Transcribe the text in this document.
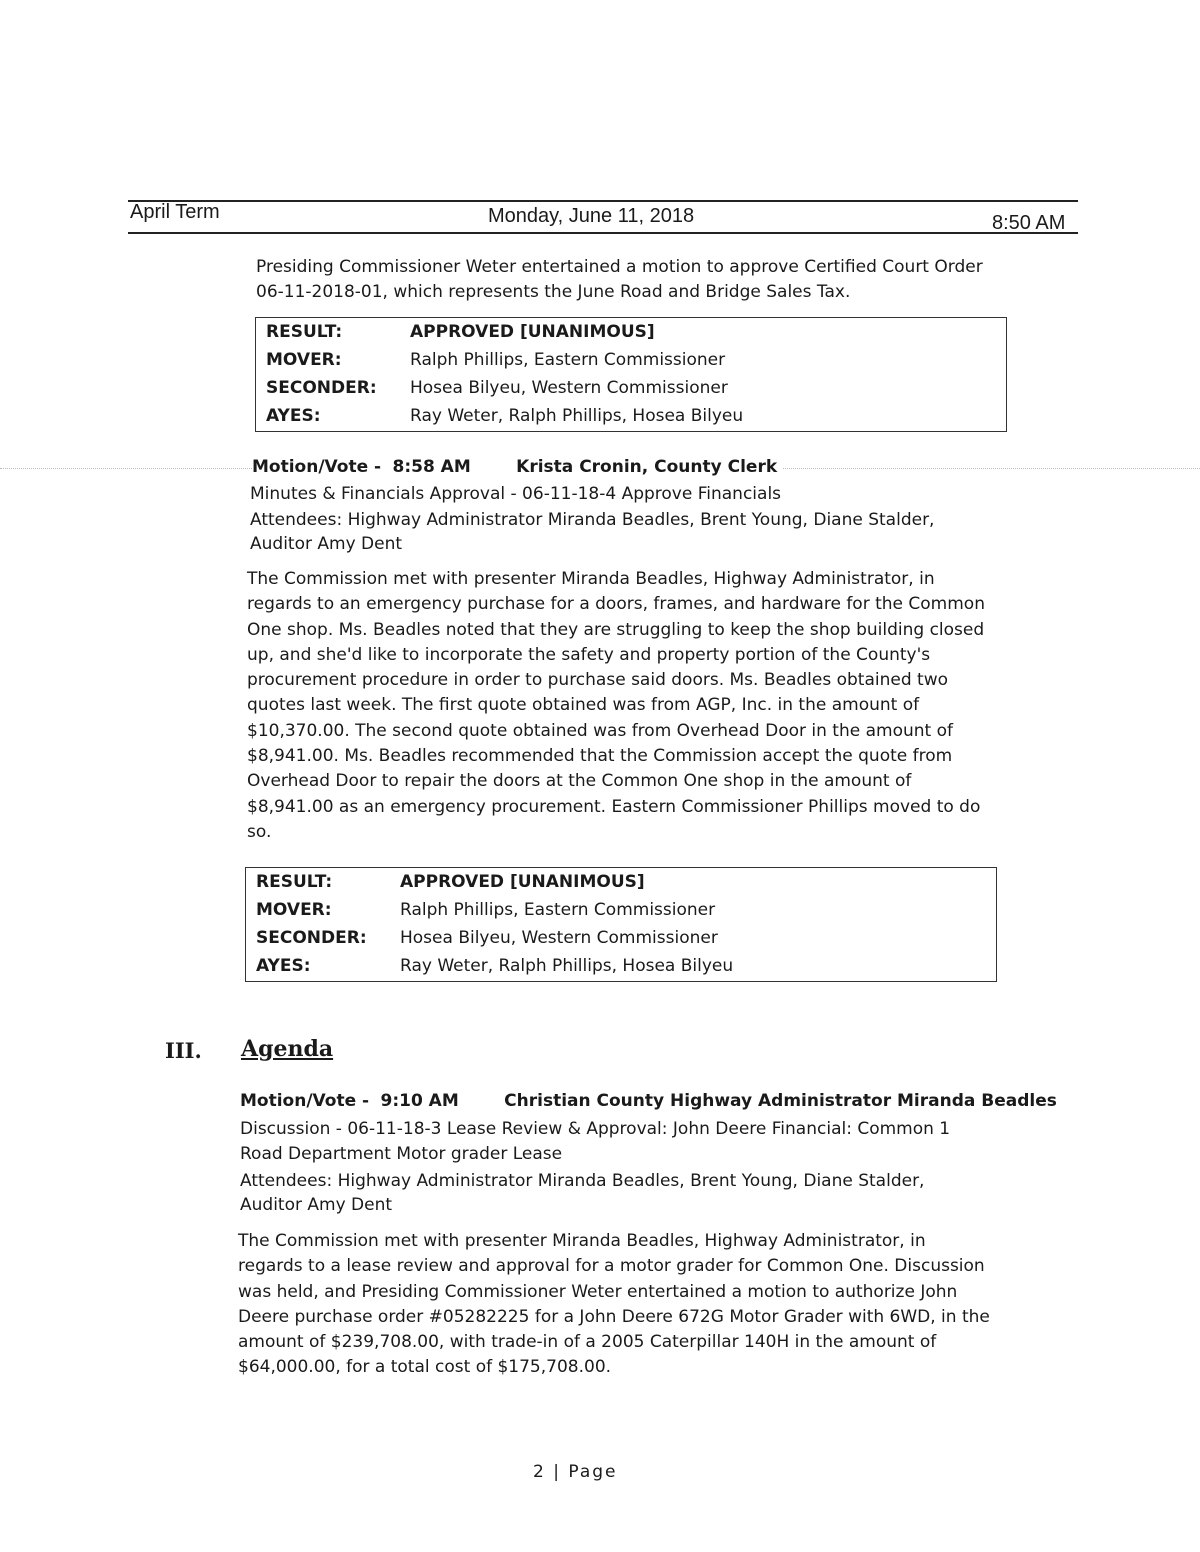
April Term	Monday, June 11, 2018	8:50 AM
Presiding Commissioner Weter entertained a motion to approve Certified Court Order
06-11-2018-01, which represents the June Road and Bridge Sales Tax.
RESULT:	APPROVED [UNANIMOUS]
MOVER:	Ralph Phillips, Eastern Commissioner
SECONDER: Hosea Bilyeu, Western Commissioner
AYES:	Ray Weter, Ralph Phillips, Hosea Bilyeu
Motion/Vote - 8:58 AM	Krista Cronin, County Clerk
Minutes & Financials Approval - 06-11-18-4 Approve Financials
Attendees: Highway Administrator Miranda Beadles, Brent Young, Diane Stalder,
Auditor Amy Dent
The Commission met with presenter Miranda Beadles, Highway Administrator, in
regards to an emergency purchase for a doors, frames, and hardware for the Common
One shop. Ms. Beadles noted that they are struggling to keep the shop building closed
up, and she'd like to incorporate the safety and property portion of the County's
procurement procedure in order to purchase said doors. Ms. Beadles obtained two
quotes last week. The first quote obtained was from AGP, Inc. in the amount of
$10,370.00. The second quote obtained was from Overhead Door in the amount of
$8,941.00. Ms. Beadles recommended that the Commission accept the quote from
Overhead Door to repair the doors at the Common One shop in the amount of
$8,941.00 as an emergency procurement. Eastern Commissioner Phillips moved to do
so.
RESULT:	APPROVED [UNANIMOUS]
MOVER:	Ralph Phillips, Eastern Commissioner
SECONDER: Hosea Bilyeu, Western Commissioner
AYES:	Ray Weter, Ralph Phillips, Hosea Bilyeu
III. Agenda
Motion/Vote - 9:10 AM	Christian County Highway Administrator Miranda Beadles
Discussion - 06-11-18-3 Lease Review & Approval: John Deere Financial: Common 1
Road Department Motor grader Lease
Attendees: Highway Administrator Miranda Beadles, Brent Young, Diane Stalder,
Auditor Amy Dent
The Commission met with presenter Miranda Beadles, Highway Administrator, in
regards to a lease review and approval for a motor grader for Common One. Discussion
was held, and Presiding Commissioner Weter entertained a motion to authorize John
Deere purchase order #05282225 for a John Deere 672G Motor Grader with 6WD, in the
amount of $239,708.00, with trade-in of a 2005 Caterpillar 140H in the amount of
$64,000.00, for a total cost of $175,708.00.
2 | Page
